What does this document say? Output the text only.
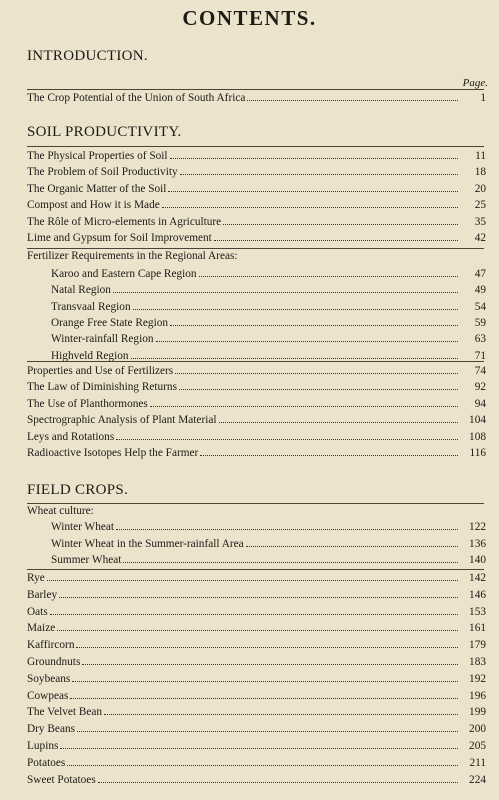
CONTENTS.
INTRODUCTION.
Page.
The Crop Potential of the Union of South Africa	1
SOIL PRODUCTIVITY.
The Physical Properties of Soil	11
The Problem of Soil Productivity	18
The Organic Matter of the Soil	20
Compost and How it is Made	25
The Rôle of Micro-elements in Agriculture	35
Lime and Gypsum for Soil Improvement	42
Fertilizer Requirements in the Regional Areas:
Karoo and Eastern Cape Region	47
Natal Region	49
Transvaal Region	54
Orange Free State Region	59
Winter-rainfall Region	63
Highveld Region	71
Properties and Use of Fertilizers	74
The Law of Diminishing Returns	92
The Use of Planthormones	94
Spectrographic Analysis of Plant Material	104
Leys and Rotations	108
Radioactive Isotopes Help the Farmer	116
FIELD CROPS.
Wheat culture:
Winter Wheat	122
Winter Wheat in the Summer-rainfall Area	136
Summer Wheat	140
Rye	142
Barley	146
Oats	153
Maize	161
Kaffircorn	179
Groundnuts	183
Soybeans	192
Cowpeas	196
The Velvet Bean	199
Dry Beans	200
Lupins	205
Potatoes	211
Sweet Potatoes	224
